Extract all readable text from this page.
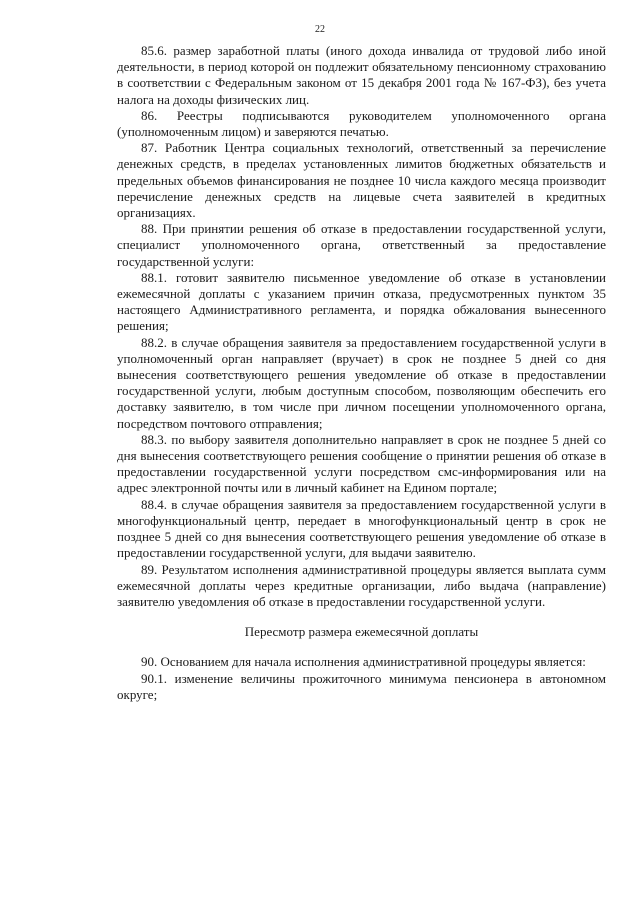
22

85.6. размер заработной платы (иного дохода инвалида от трудовой либо иной деятельности, в период которой он подлежит обязательному пенсионному страхованию в соответствии с Федеральным законом от 15 декабря 2001 года № 167-ФЗ), без учета налога на доходы физических лиц.

86. Реестры подписываются руководителем уполномоченного органа (уполномоченным лицом) и заверяются печатью.

87. Работник Центра социальных технологий, ответственный за перечисление денежных средств, в пределах установленных лимитов бюджетных обязательств и предельных объемов финансирования не позднее 10 числа каждого месяца производит перечисление денежных средств на лицевые счета заявителей в кредитных организациях.

88. При принятии решения об отказе в предоставлении государственной услуги, специалист уполномоченного органа, ответственный за предоставление государственной услуги:

88.1. готовит заявителю письменное уведомление об отказе в установлении ежемесячной доплаты с указанием причин отказа, предусмотренных пунктом 35 настоящего Административного регламента, и порядка обжалования вынесенного решения;

88.2. в случае обращения заявителя за предоставлением государственной услуги в уполномоченный орган направляет (вручает) в срок не позднее 5 дней со дня вынесения соответствующего решения уведомление об отказе в предоставлении государственной услуги, любым доступным способом, позволяющим обеспечить его доставку заявителю, в том числе при личном посещении уполномоченного органа, посредством почтового отправления;

88.3. по выбору заявителя дополнительно направляет в срок не позднее 5 дней со дня вынесения соответствующего решения сообщение о принятии решения об отказе в предоставлении государственной услуги посредством смс-информирования или на адрес электронной почты или в личный кабинет на Едином портале;

88.4. в случае обращения заявителя за предоставлением государственной услуги в многофункциональный центр, передает в многофункциональный центр в срок не позднее 5 дней со дня вынесения соответствующего решения уведомление об отказе в предоставлении государственной услуги, для выдачи заявителю.

89. Результатом исполнения административной процедуры является выплата сумм ежемесячной доплаты через кредитные организации, либо выдача (направление) заявителю уведомления об отказе в предоставлении государственной услуги.

Пересмотр размера ежемесячной доплаты

90. Основанием для начала исполнения административной процедуры является:

90.1. изменение величины прожиточного минимума пенсионера в автономном округе;
